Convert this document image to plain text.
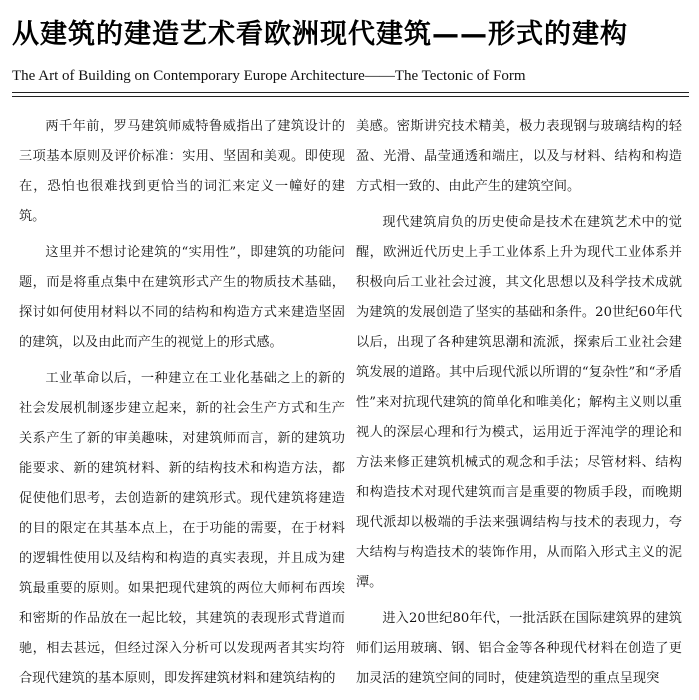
从建筑的建造艺术看欧洲现代建筑——形式的建构
The Art of Building on Contemporary Europe Architecture——The Tectonic of Form

两千年前，罗马建筑师威特鲁威指出了建筑设计的三项基本原则及评价标准：实用、坚固和美观。即使现在，恐怕也很难找到更恰当的词汇来定义一幢好的建筑。

这里并不想讨论建筑的“实用性”，即建筑的功能问题，而是将重点集中在建筑形式产生的物质技术基础，探讨如何使用材料以不同的结构和构造方式来建造坚固的建筑，以及由此而产生的视觉上的形式感。

工业革命以后，一种建立在工业化基础之上的新的社会发展机制逐步建立起来，新的社会生产方式和生产关系产生了新的审美趣味，对建筑师而言，新的建筑功能要求、新的建筑材料、新的结构技术和构造方法，都促使他们思考，去创造新的建筑形式。现代建筑将建造的目的限定在其基本点上，在于功能的需要，在于材料的逻辑性使用以及结构和构造的真实表现，并且成为建筑最重要的原则。如果把现代建筑的两位大师柯布西埃和密斯的作品放在一起比较，其建筑的表现形式背道而驰，相去甚远，但经过深入分析可以发现两者其实均符合现代建筑的基本原则，即发挥建筑材料和建筑结构的

美感。密斯讲究技术精美，极力表现钢与玻璃结构的轻盈、光滑、晶莹通透和端庄，以及与材料、结构和构造方式相一致的、由此产生的建筑空间。

现代建筑肩负的历史使命是技术在建筑艺术中的觉醒，欧洲近代历史上手工业体系上升为现代工业体系并积极向后工业社会过渡，其文化思想以及科学技术成就为建筑的发展创造了坚实的基础和条件。20世纪60年代以后，出现了各种建筑思潮和流派，探索后工业社会建筑发展的道路。其中后现代派以所谓的“复杂性”和“矛盾性”来对抗现代建筑的简单化和唯美化；解构主义则以重视人的深层心理和行为模式，运用近于浑沌学的理论和方法来修正建筑机械式的观念和手法；尽管材料、结构和构造技术对现代建筑而言是重要的物质手段，而晚期现代派却以极端的手法来强调结构与技术的表现力，夸大结构与构造技术的装饰作用，从而陷入形式主义的泥潭。

进入20世纪80年代，一批活跃在国际建筑界的建筑师们运用玻璃、钢、铝合金等各种现代材料在创造了更加灵活的建筑空间的同时，使建筑造型的重点呈现突
